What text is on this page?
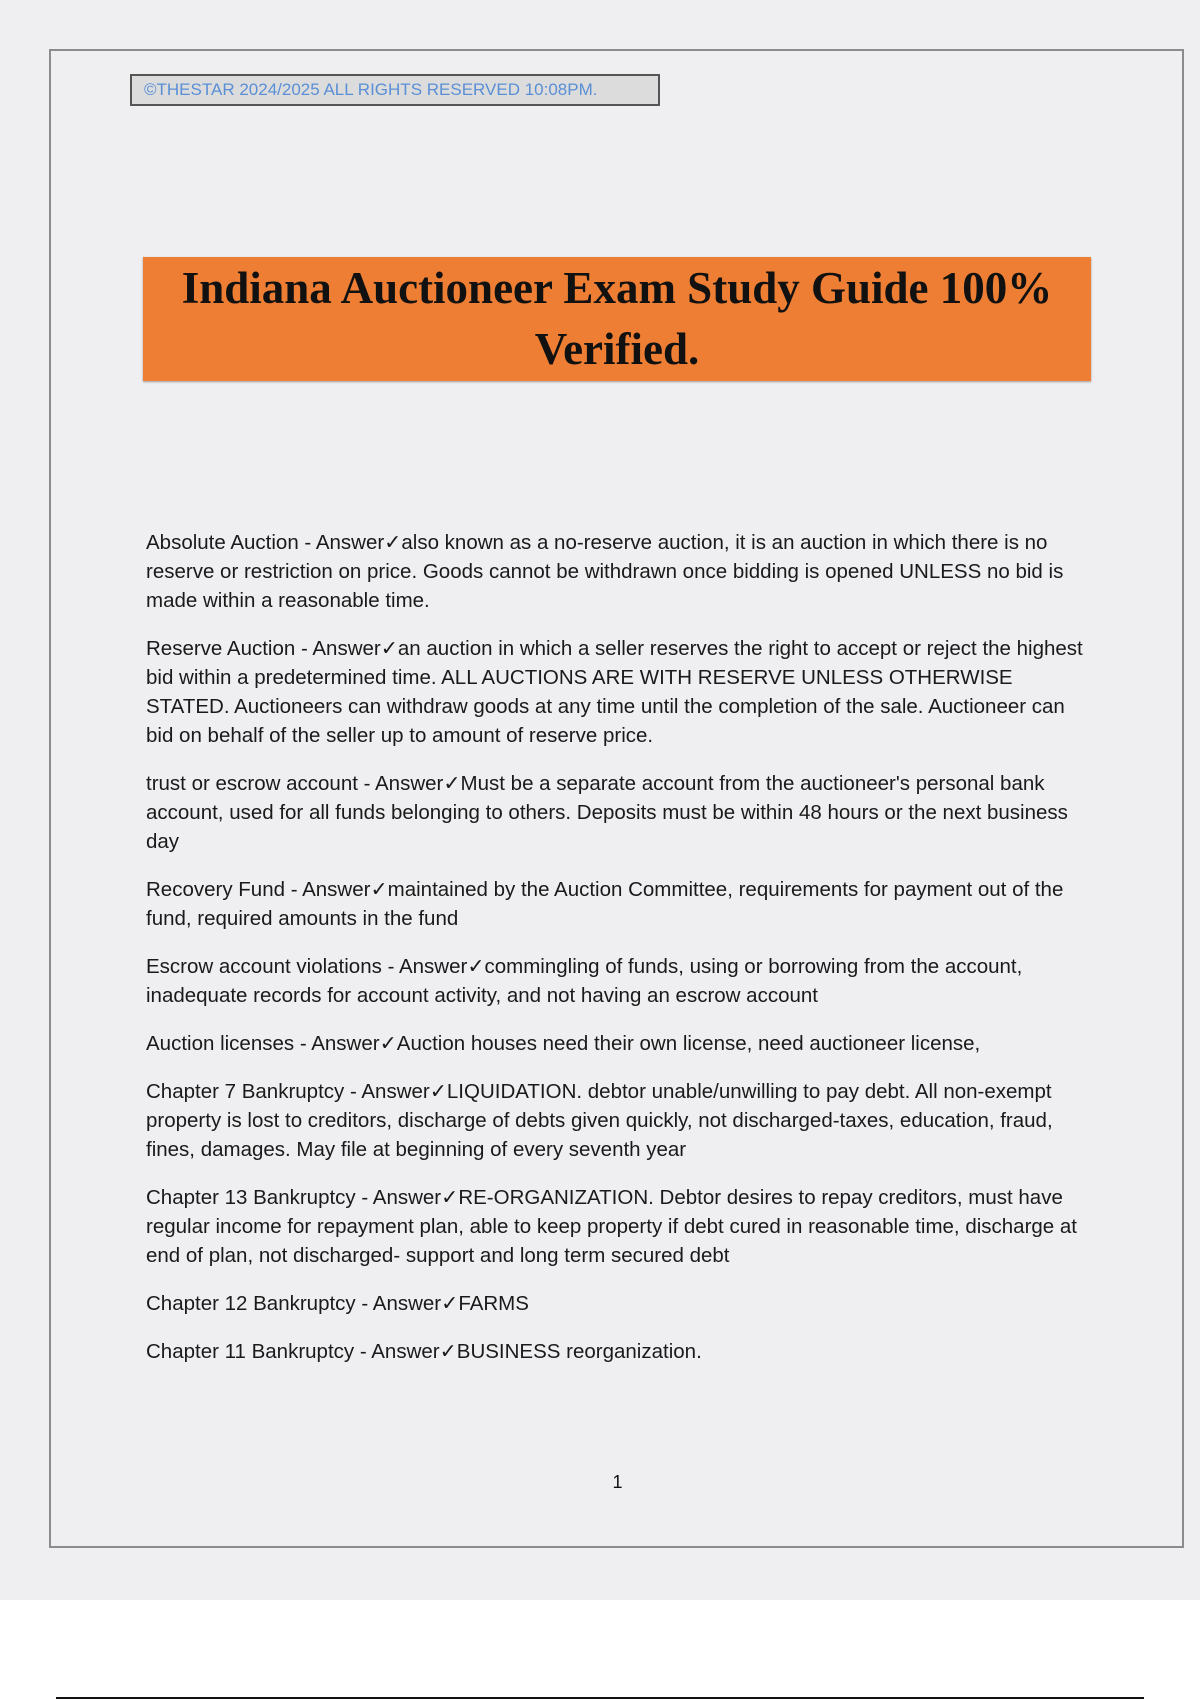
©THESTAR 2024/2025 ALL RIGHTS RESERVED 10:08PM.
Indiana Auctioneer Exam Study Guide 100% Verified.

Absolute Auction - Answer✓also known as a no-reserve auction, it is an auction in which there is no reserve or restriction on price. Goods cannot be withdrawn once bidding is opened UNLESS no bid is made within a reasonable time.

Reserve Auction - Answer✓an auction in which a seller reserves the right to accept or reject the highest bid within a predetermined time. ALL AUCTIONS ARE WITH RESERVE UNLESS OTHERWISE STATED. Auctioneers can withdraw goods at any time until the completion of the sale. Auctioneer can bid on behalf of the seller up to amount of reserve price.

trust or escrow account - Answer✓Must be a separate account from the auctioneer's personal bank account, used for all funds belonging to others. Deposits must be within 48 hours or the next business day

Recovery Fund - Answer✓maintained by the Auction Committee, requirements for payment out of the fund, required amounts in the fund

Escrow account violations - Answer✓commingling of funds, using or borrowing from the account, inadequate records for account activity, and not having an escrow account

Auction licenses - Answer✓Auction houses need their own license, need auctioneer license,

Chapter 7 Bankruptcy - Answer✓LIQUIDATION. debtor unable/unwilling to pay debt. All non-exempt property is lost to creditors, discharge of debts given quickly, not discharged-taxes, education, fraud, fines, damages. May file at beginning of every seventh year

Chapter 13 Bankruptcy - Answer✓RE-ORGANIZATION. Debtor desires to repay creditors, must have regular income for repayment plan, able to keep property if debt cured in reasonable time, discharge at end of plan, not discharged- support and long term secured debt

Chapter 12 Bankruptcy - Answer✓FARMS

Chapter 11 Bankruptcy - Answer✓BUSINESS reorganization.

1
